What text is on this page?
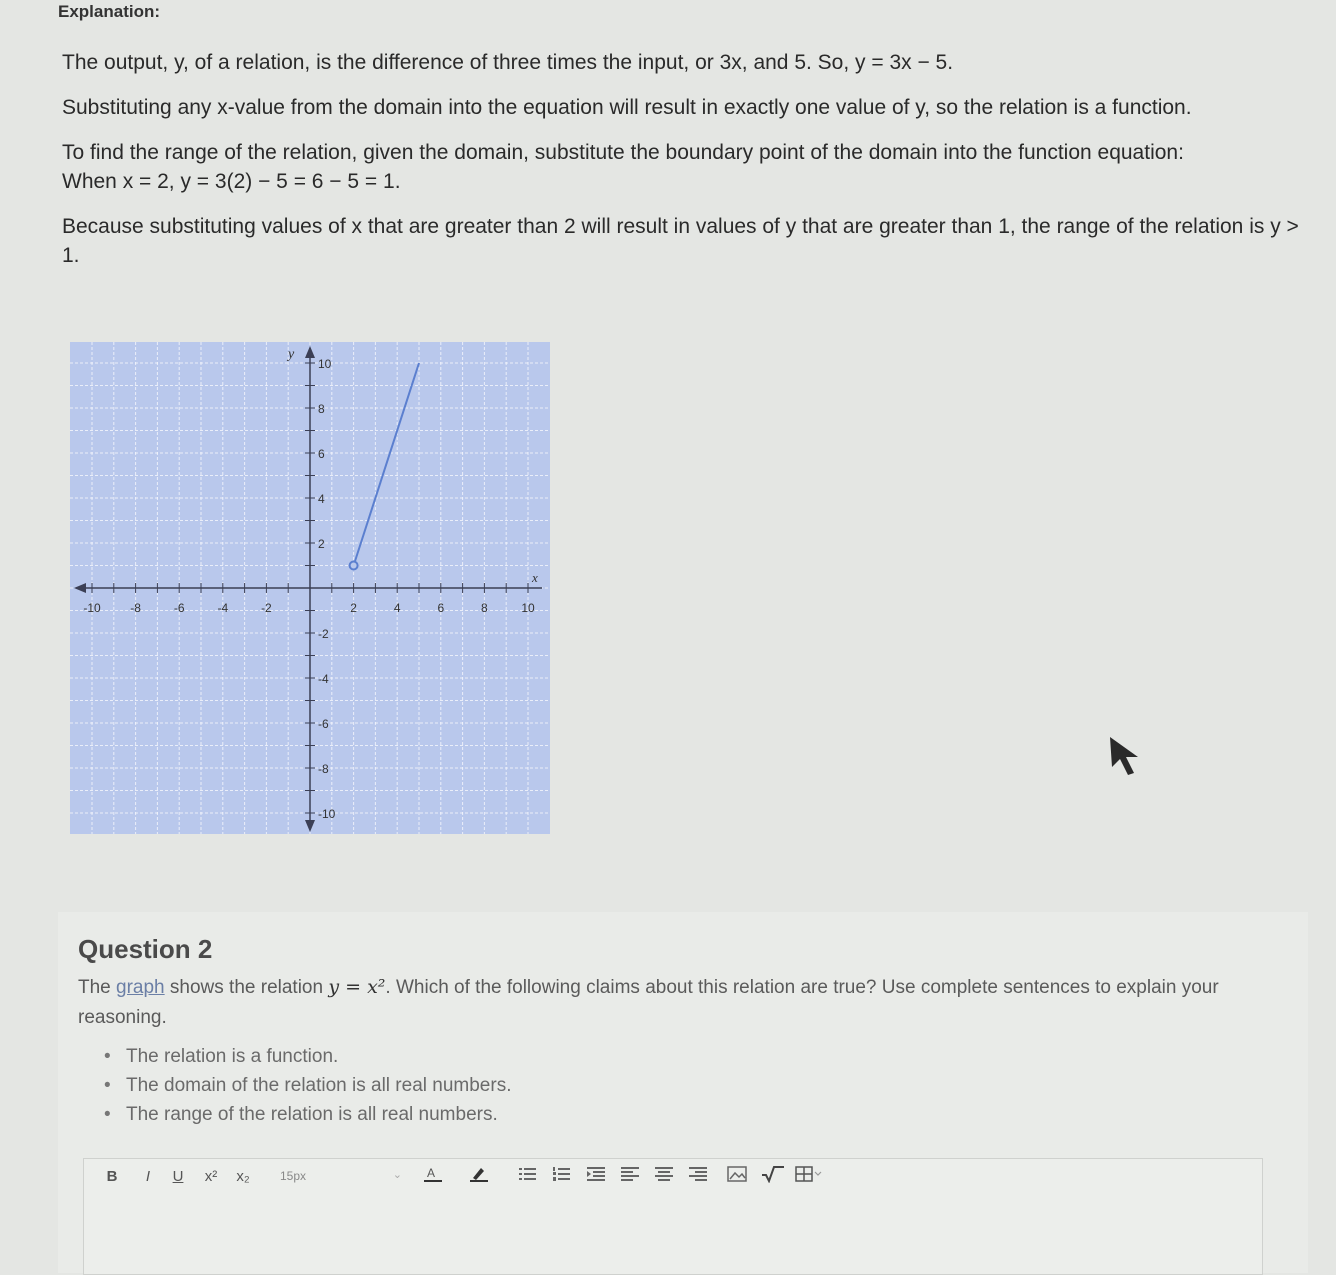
Explanation:
The output, y, of a relation, is the difference of three times the input, or 3x, and 5. So, y = 3x − 5.
Substituting any x-value from the domain into the equation will result in exactly one value of y, so the relation is a function.
To find the range of the relation, given the domain, substitute the boundary point of the domain into the function equation:
When x = 2, y = 3(2) − 5 = 6 − 5 = 1.
Because substituting values of x that are greater than 2 will result in values of y that are greater than 1, the range of the relation is y > 1.
-10 -8	-6	-4	-2	2	4	6	8	10
10
8
6
4
2
-2
-4
-6
-8
-10
x
y
Question 2
The graph shows the relation y = x². Which of the following claims about this relation are true? Use complete sentences to explain your reasoning.
• The relation is a function.
• The domain of the relation is all real numbers.
• The range of the relation is all real numbers.
B	I	U	x²	x₂	15px	⌄ A
